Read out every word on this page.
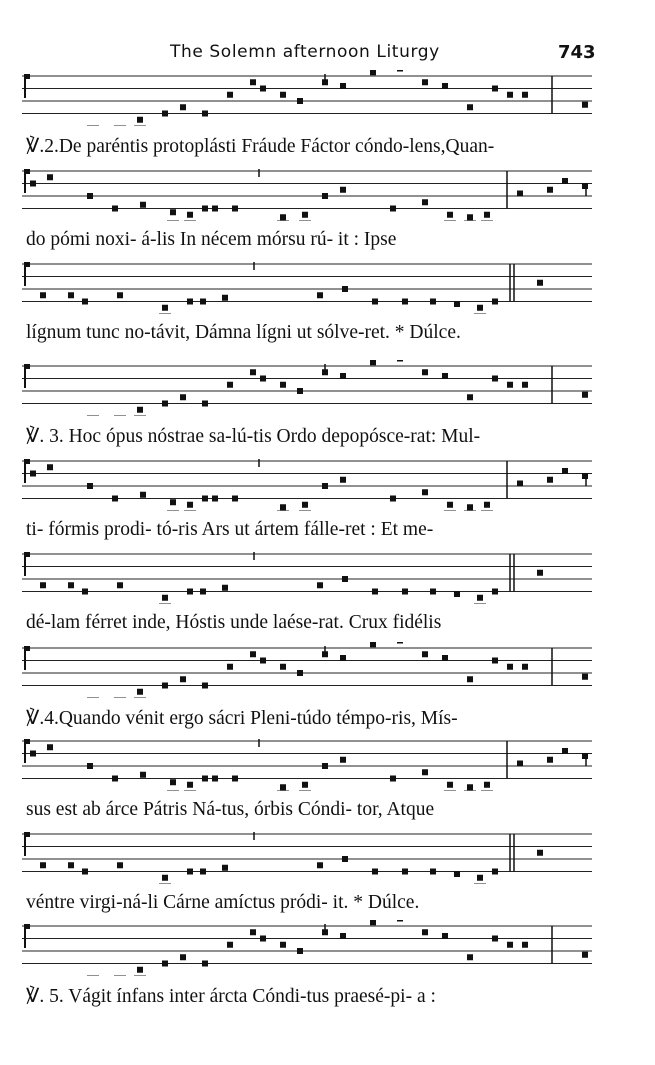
The Solemn afternoon Liturgy	743
℣.2.De paréntis protoplásti Fráude Fáctor cóndo-lens,Quan-
do pómi noxi- á-lis In nécem mórsu rú- it : Ipse
lígnum tunc no-távit, Dámna lígni ut sólve-ret. * Dúlce.
℣. 3. Hoc ópus nóstrae sa-lú-tis Ordo depopósce-rat: Mul-
ti- fórmis prodi- tó-ris Ars ut ártem fálle-ret : Et me-
dé-lam férret inde, Hóstis unde laése-rat. Crux fidélis
℣.4.Quando vénit ergo sácri Pleni-túdo témpo-ris, Mís-
sus est ab árce Pátris Ná-tus, órbis Cóndi- tor, Atque
véntre virgi-ná-li Cárne amíctus pródi- it. * Dúlce.
℣. 5. Vágit ínfans inter árcta Cóndi-tus praesé-pi- a :
